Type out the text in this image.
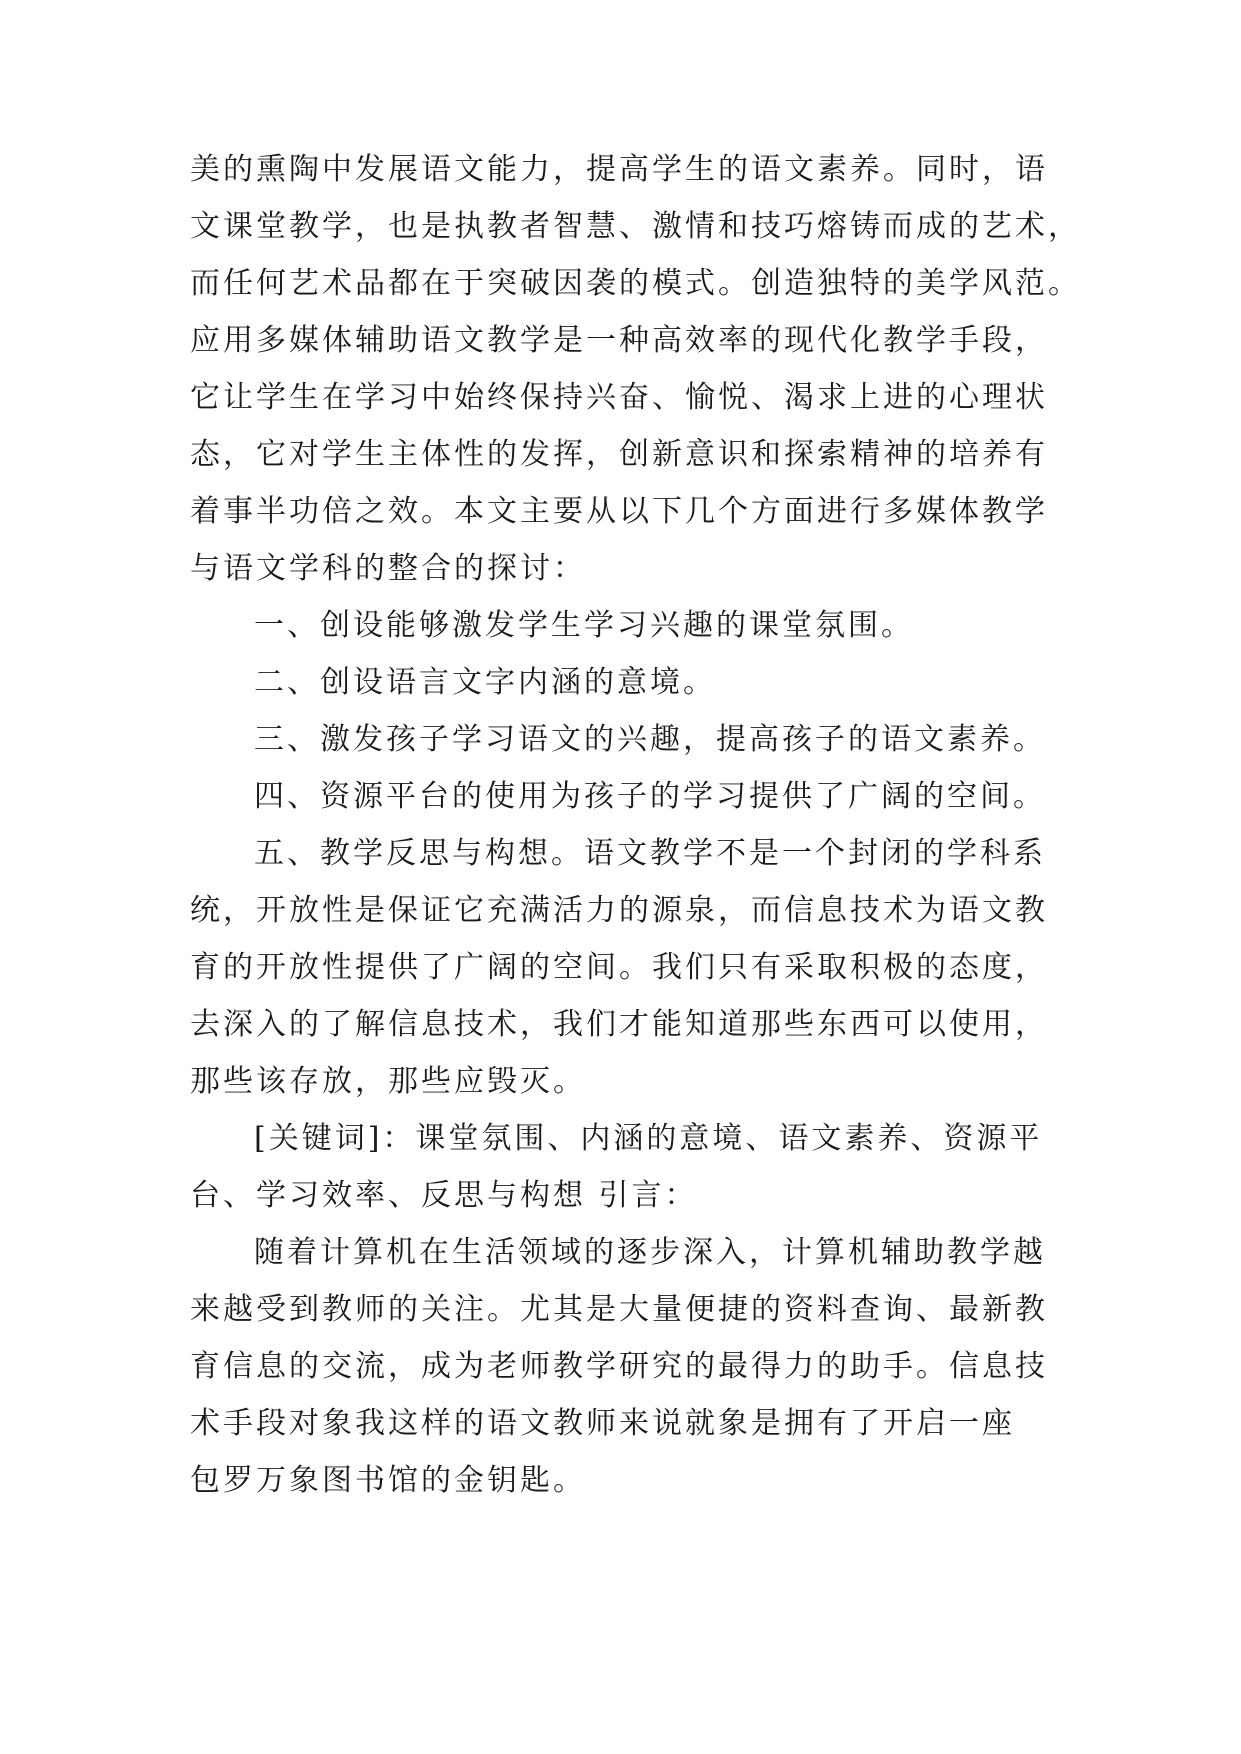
美的熏陶中发展语文能力，提高学生的语文素养。同时，语
文课堂教学，也是执教者智慧、激情和技巧熔铸而成的艺术，
而任何艺术品都在于突破因袭的模式。创造独特的美学风范。
应用多媒体辅助语文教学是一种高效率的现代化教学手段，
它让学生在学习中始终保持兴奋、愉悦、渴求上进的心理状
态，它对学生主体性的发挥，创新意识和探索精神的培养有
着事半功倍之效。本文主要从以下几个方面进行多媒体教学
与语文学科的整合的探讨：
一、创设能够激发学生学习兴趣的课堂氛围。
二、创设语言文字内涵的意境。
三、激发孩子学习语文的兴趣，提高孩子的语文素养。
四、资源平台的使用为孩子的学习提供了广阔的空间。
五、教学反思与构想。语文教学不是一个封闭的学科系
统，开放性是保证它充满活力的源泉，而信息技术为语文教
育的开放性提供了广阔的空间。我们只有采取积极的态度，
去深入的了解信息技术，我们才能知道那些东西可以使用，
那些该存放，那些应毁灭。
[关键词]：课堂氛围、内涵的意境、语文素养、资源平
台、学习效率、反思与构想 引言：
随着计算机在生活领域的逐步深入，计算机辅助教学越
来越受到教师的关注。尤其是大量便捷的资料查询、最新教
育信息的交流，成为老师教学研究的最得力的助手。信息技
术手段对象我这样的语文教师来说就象是拥有了开启一座
包罗万象图书馆的金钥匙。
